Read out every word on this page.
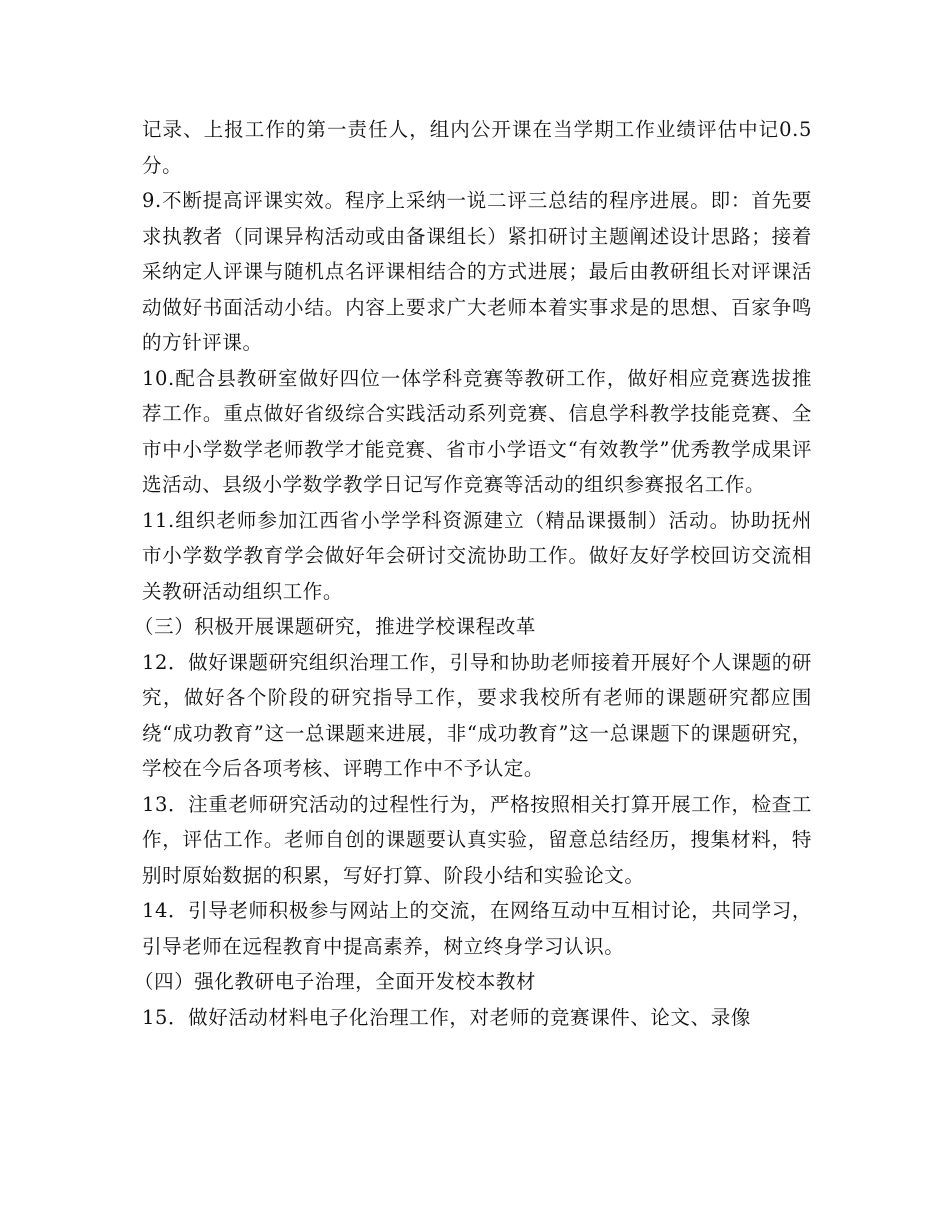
记录、上报工作的第一责任人，组内公开课在当学期工作业绩评估中记0.5分。

9.不断提高评课实效。程序上采纳一说二评三总结的程序进展。即：首先要求执教者（同课异构活动或由备课组长）紧扣研讨主题阐述设计思路；接着采纳定人评课与随机点名评课相结合的方式进展；最后由教研组长对评课活动做好书面活动小结。内容上要求广大老师本着实事求是的思想、百家争鸣的方针评课。

10.配合县教研室做好四位一体学科竞赛等教研工作，做好相应竞赛选拔推荐工作。重点做好省级综合实践活动系列竞赛、信息学科教学技能竞赛、全市中小学数学老师教学才能竞赛、省市小学语文“有效教学”优秀教学成果评选活动、县级小学数学教学日记写作竞赛等活动的组织参赛报名工作。

11.组织老师参加江西省小学学科资源建立（精品课摄制）活动。协助抚州市小学数学教育学会做好年会研讨交流协助工作。做好友好学校回访交流相关教研活动组织工作。

（三）积极开展课题研究，推进学校课程改革

12．做好课题研究组织治理工作，引导和协助老师接着开展好个人课题的研究，做好各个阶段的研究指导工作，要求我校所有老师的课题研究都应围绕“成功教育”这一总课题来进展，非“成功教育”这一总课题下的课题研究，学校在今后各项考核、评聘工作中不予认定。

13．注重老师研究活动的过程性行为，严格按照相关打算开展工作，检查工作，评估工作。老师自创的课题要认真实验，留意总结经历，搜集材料，特别时原始数据的积累，写好打算、阶段小结和实验论文。

14．引导老师积极参与网站上的交流，在网络互动中互相讨论，共同学习，引导老师在远程教育中提高素养，树立终身学习认识。

（四）强化教研电子治理，全面开发校本教材

15．做好活动材料电子化治理工作，对老师的竞赛课件、论文、录像
